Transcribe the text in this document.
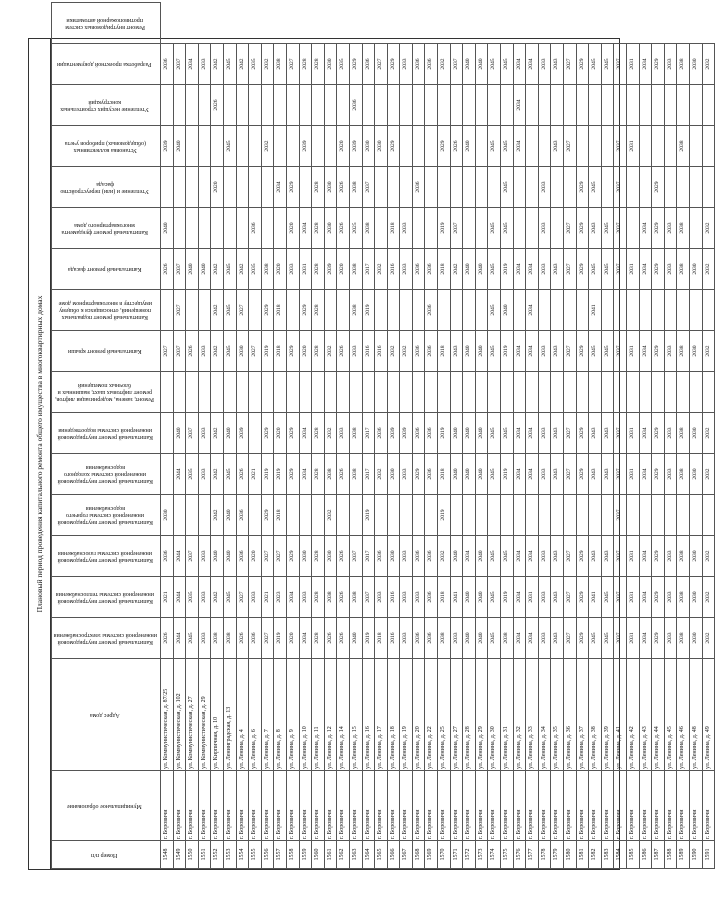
Плановый период проведения капитального ремонта общего имущества в многоквартирных домах
Номер п/п	Муниципальное образование	Адрес дома	Капитальный ремонт внутридомовой инженерной системы электроснабжения	Капитальный ремонт внутридомовой инженерной системы теплоснабжения	Капитальный ремонт внутридомовой инженерной системы газоснабжения	Капитальный ремонт внутридомовой инженерной системы горячего водоснабжения	Капитальный ремонт внутридомовой инженерной системы холодного водоснабжения	Капитальный ремонт внутридомовой инженерной системы водоотведения	Ремонт, замена, модернизация лифтов, ремонт лифтовых шахт, машинных и блочных помещений	Капитальный ремонт крыши	Капитальный ремонт подвальных помещений, относящихся к общему имуществу в многоквартирном доме	Капитальный ремонт фасада	Капитальный ремонт фундамента многоквартирного дома	Утепление и (или) переустройство фасада	Установка коллективных (общедомовых) приборов учета	Утепление несущих строительных конструкций	Разработка проектной документации	Ремонт внутридомовых систем противопожарной автоматики
1548	г. Боровичи	ул. Коммунистическая, д. 87/25	2026	2021	2036	2030				2027		2026	2040		2039		2036	
1549	г. Боровичи	ул. Коммунистическая, д. 102	2044	2044	2044		2044	2040		2037	2027	2037			2040		2037	
1550	г. Боровичи	ул. Коммунистическая, д. 27	2045	2035	2037		2035	2037		2026		2040					2034	
1551	г. Боровичи	ул. Коммунистическая, д. 29	2033	2033	2033		2033	2033		2033		2040					2033	
1552	г. Боровичи	ул. Кирпичная, д. 10	2038	2042	2040	2042	2042	2042		2042	2042	2042		2020		2026	2042	
1553	г. Боровичи	ул. Ленинградская, д. 13	2038	2045	2040	2040	2045	2040		2045	2045	2045			2045		2045	
1554	г. Боровичи	ул. Ленина, д. 4	2026	2027	2036	2036	2026	2039		2030	2027	2042					2042	
1555	г. Боровичи	ул. Ленина, д. 6	2036	2033	2020		2021			2027		2035	2036				2035	
1556	г. Боровичи	ул. Ленина, д. 7	2027	2021	2027	2029	2019	2029		2019	2029	2038			2032		2032	
1557	г. Боровичи	ул. Ленина, д. 8	2019	2023	2027	2018	2019	2020		2018	2018	2020		2034			2038	
1558	г. Боровичи	ул. Ленина, д. 9	2020	2034	2029		2029	2029		2029		2033	2020	2029			2027	
1559	г. Боровичи	ул. Ленина, д. 10	2034	2033	2030		2034	2034		2020	2029	2031	2034		2039		2028	
1560	г. Боровичи	ул. Ленина, д. 11	2028	2028	2028		2028	2028		2028	2028	2028	2028	2028			2028	
1561	г. Боровичи	ул. Ленина, д. 12	2026	2038	2030	2032	2038	2032		2032		2039	2030	2030			2030	
1562	г. Боровичи	ул. Ленина, д. 14	2026	2026	2026		2026	2033		2026		2020	2026	2026	2020		2035	
1563	г. Боровичи	ул. Ленина, д. 15	2040	2038	2037		2038	2038		2033	2038	2038	2025	2038	2039	2036	2029	
1564	г. Боровичи	ул. Ленина, д. 16	2019	2037	2017	2019	2017	2017		2016	2019	2017	2038	2037	2030		2036	
1565	г. Боровичи	ул. Ленина, д. 17	2018	2033	2036		2032	2036		2016		2032			2030		2027	
1566	г. Боровичи	ул. Ленина, д. 18	2016	2016	2030		2030	2039		2032		2016	2018		2029		2029	
1567	г. Боровичи	ул. Ленина, д. 19	2033	2033	2033		2033	2039		2032		2033	2033				2033	
1568	г. Боровичи	ул. Ленина, д. 20	2036	2033	2036		2029	2036		2036		2036		2036			2036	
1569	г. Боровичи	ул. Ленина, д. 22	2036	2036	2036		2036	2036		2036	2036	2036					2036	
1570	г. Боровичи	ул. Ленина, д. 25	2038	2018	2032	2019	2018	2019		2018		2018	2019		2029		2032	
1571	г. Боровичи	ул. Ленина, д. 27	2033	2041	2040		2040	2040		2043		2042	2037		2026		2037	
1572	г. Боровичи	ул. Ленина, д. 28	2040	2040	2034		2040	2040		2040		2040			2040		2040	
1573	г. Боровичи	ул. Ленина, д. 29	2040	2040	2040		2040	2040		2040		2040					2040	
1574	г. Боровичи	ул. Ленина, д. 30	2045	2045	2045		2045	2045		2045	2045	2045	2045		2045		2045	
1575	г. Боровичи	ул. Ленина, д. 31	2038	2019	2045		2019	2045		2019	2040	2019	2045	2045	2045		2045	
1576	г. Боровичи	ул. Ленина, д. 32	2034	2034	2034		2034	2034		2034		2034			2034	2034	2034	
1577	г. Боровичи	ул. Ленина, д. 33	2034	2031	2034		2034	2034		2034	2034	2034					2034	
1578	г. Боровичи	ул. Ленина, д. 34	2033	2033	2033		2033	2033		2033		2033	2033	2033			2033	
1579	г. Боровичи	ул. Ленина, д. 35	2043	2043	2043		2043	2043		2043		2043			2043		2043	
1580	г. Боровичи	ул. Ленина, д. 36	2027	2027	2027		2027	2027		2027		2027	2027		2027		2027	
1581	г. Боровичи	ул. Ленина, д. 37	2029	2029	2029		2029	2029		2029		2029	2029	2029			2029	
1582	г. Боровичи	ул. Ленина, д. 38	2045	2041	2043		2043	2043		2045	2041	2045	2043	2045			2045	
1583	г. Боровичи	ул. Ленина, д. 39	2045	2045	2043		2043	2043		2045		2045	2045				2045	
1584	г. Боровичи	ул. Ленина, д. 41	2037	2037	2037	2037	2037	2037		2037		2037	2037	2037	2037		2037	
1585	г. Боровичи	ул. Ленина, д. 42	2031	2031	2031		2031	2031		2031		2031			2031		2031	
1586	г. Боровичи	ул. Ленина, д. 43	2034	2034	2034		2034	2034		2034		2034	2034				2034	
1587	г. Боровичи	ул. Ленина, д. 44	2029	2029	2029		2029	2029		2029		2029	2029	2029			2029	
1588	г. Боровичи	ул. Ленина, д. 45	2033	2033	2033		2033	2033		2033		2033	2033				2033	
1589	г. Боровичи	ул. Ленина, д. 46	2038	2038	2038		2038	2038		2038		2038	2038		2038		2038	
1590	г. Боровичи	ул. Ленина, д. 48	2030	2030	2030		2030	2030		2030		2030					2030	
1591	г. Боровичи	ул. Ленина, д. 49	2032	2032	2032		2032	2032		2032		2032	2032				2032	
